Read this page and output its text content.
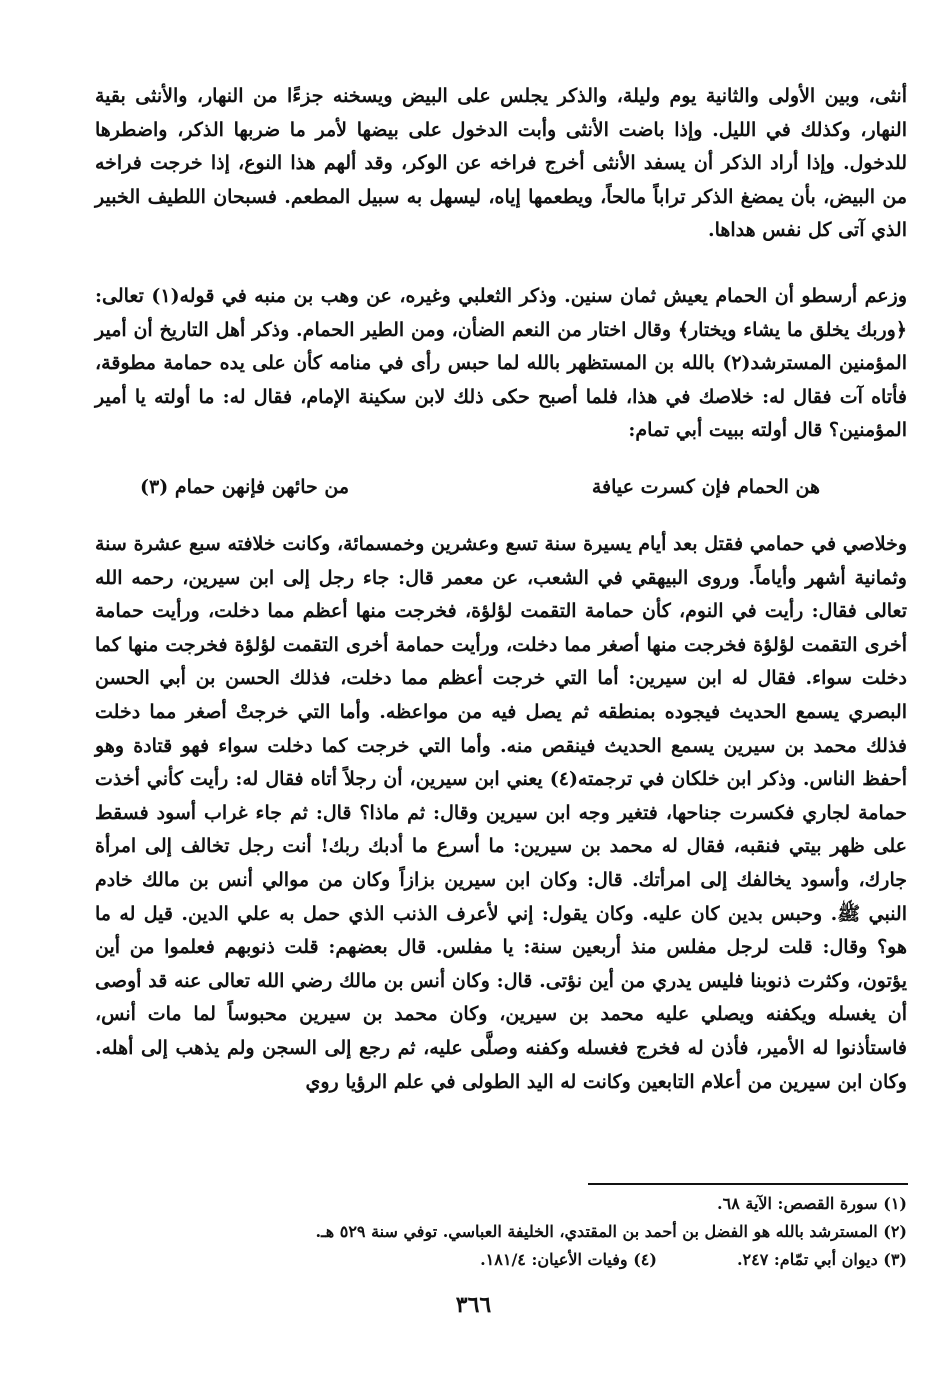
أنثى، وبين الأولى والثانية يوم وليلة، والذكر يجلس على البيض ويسخنه جزءًا من النهار، والأنثى بقية النهار، وكذلك في الليل. وإذا باضت الأنثى وأبت الدخول على بيضها لأمر ما ضربها الذكر، واضطرها للدخول. وإذا أراد الذكر أن يسفد الأنثى أخرج فراخه عن الوكر، وقد ألهم هذا النوع، إذا خرجت فراخه من البيض، بأن يمضغ الذكر تراباً مالحاً، ويطعمها إياه، ليسهل به سبيل المطعم. فسبحان اللطيف الخبير الذي آتى كل نفس هداها.

وزعم أرسطو أن الحمام يعيش ثمان سنين. وذكر الثعلبي وغيره، عن وهب بن منبه في قوله(١) تعالى: ﴿وربك يخلق ما يشاء ويختار﴾ وقال اختار من النعم الضأن، ومن الطير الحمام. وذكر أهل التاريخ أن أمير المؤمنين المسترشد(٢) بالله بن المستظهر بالله لما حبس رأى في منامه كأن على يده حمامة مطوقة، فأتاه آت فقال له: خلاصك في هذا، فلما أصبح حكى ذلك لابن سكينة الإمام، فقال له: ما أولته يا أمير المؤمنين؟ قال أولته ببيت أبي تمام:

هن الحمام فإن كسرت عيافة
من حائهن فإنهن حمام (٣)

وخلاصي في حمامي فقتل بعد أيام يسيرة سنة تسع وعشرين وخمسمائة، وكانت خلافته سبع عشرة سنة وثمانية أشهر وأياماً. وروى البيهقي في الشعب، عن معمر قال: جاء رجل إلى ابن سيرين، رحمه الله تعالى فقال: رأيت في النوم، كأن حمامة التقمت لؤلؤة، فخرجت منها أعظم مما دخلت، ورأيت حمامة أخرى التقمت لؤلؤة فخرجت منها أصغر مما دخلت، ورأيت حمامة أخرى التقمت لؤلؤة فخرجت منها كما دخلت سواء. فقال له ابن سيرين: أما التي خرجت أعظم مما دخلت، فذلك الحسن بن أبي الحسن البصري يسمع الحديث فيجوده بمنطقه ثم يصل فيه من مواعظه. وأما التي خرجتْ أصغر مما دخلت فذلك محمد بن سيرين يسمع الحديث فينقص منه. وأما التي خرجت كما دخلت سواء فهو قتادة وهو أحفظ الناس. وذكر ابن خلكان في ترجمته(٤) يعني ابن سيرين، أن رجلاً أتاه فقال له: رأيت كأني أخذت حمامة لجاري فكسرت جناحها، فتغير وجه ابن سيرين وقال: ثم ماذا؟ قال: ثم جاء غراب أسود فسقط على ظهر بيتي فنقبه، فقال له محمد بن سيرين: ما أسرع ما أدبك ربك! أنت رجل تخالف إلى امرأة جارك، وأسود يخالفك إلى امرأتك. قال: وكان ابن سيرين بزازاً وكان من موالي أنس بن مالك خادم النبي ﷺ. وحبس بدين كان عليه. وكان يقول: إني لأعرف الذنب الذي حمل به علي الدين. قيل له ما هو؟ وقال: قلت لرجل مفلس منذ أربعين سنة: يا مفلس. قال بعضهم: قلت ذنوبهم فعلموا من أين يؤتون، وكثرت ذنوبنا فليس يدري من أين نؤتى. قال: وكان أنس بن مالك رضي الله تعالى عنه قد أوصى أن يغسله ويكفنه ويصلي عليه محمد بن سيرين، وكان محمد بن سيرين محبوساً لما مات أنس، فاستأذنوا له الأمير، فأذن له فخرج فغسله وكفنه وصلَّى عليه، ثم رجع إلى السجن ولم يذهب إلى أهله. وكان ابن سيرين من أعلام التابعين وكانت له اليد الطولى في علم الرؤيا روي

(١) سورة القصص: الآية ٦٨.
(٢) المسترشد بالله هو الفضل بن أحمد بن المقتدي، الخليفة العباسي. توفي سنة ٥٢٩ هـ.
(٣) ديوان أبي تمّام: ٢٤٧.
(٤) وفيات الأعيان: ١٨١/٤.
٣٦٦
